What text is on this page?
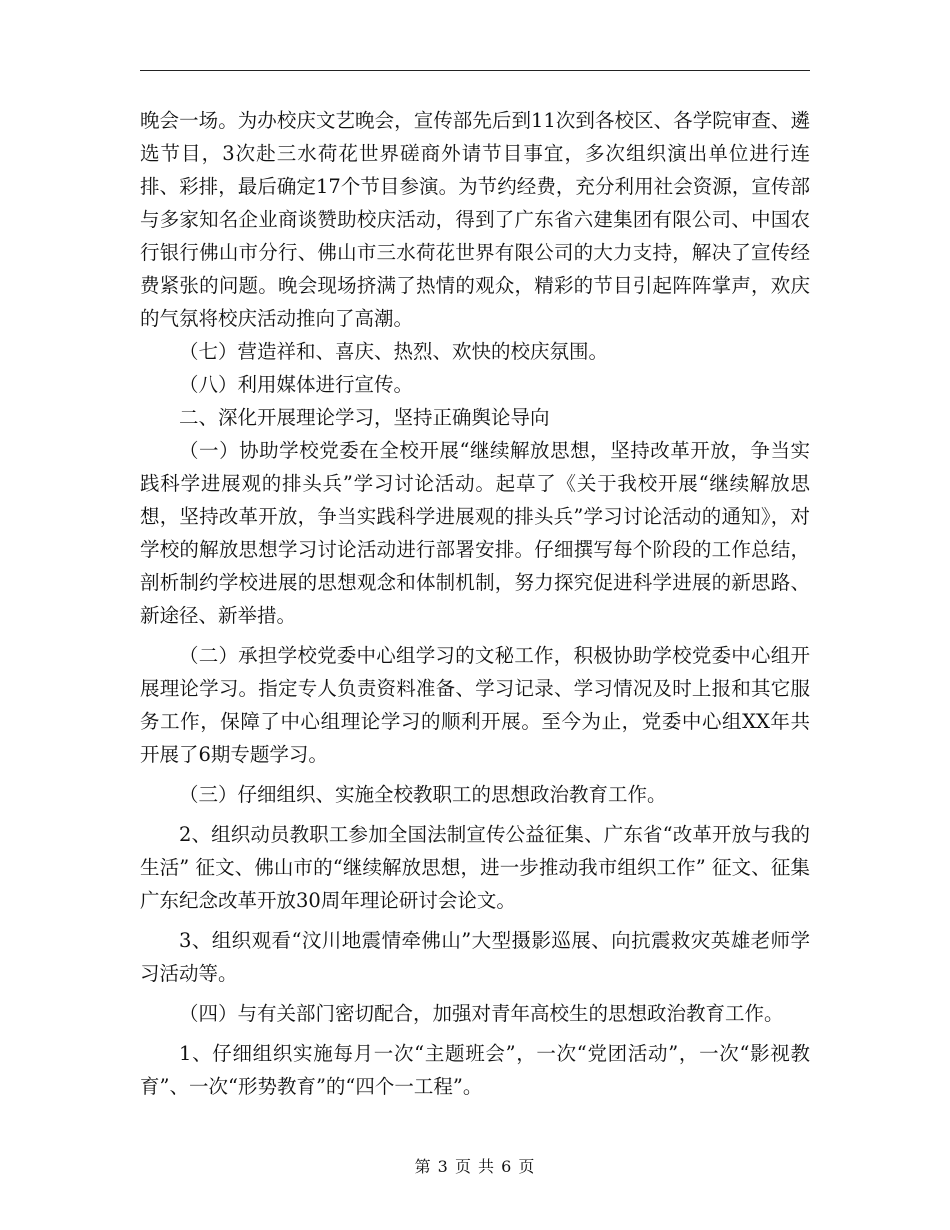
晚会一场。为办校庆文艺晚会，宣传部先后到11次到各校区、各学院审查、遴选节目，3次赴三水荷花世界磋商外请节目事宜，多次组织演出单位进行连排、彩排，最后确定17个节目参演。为节约经费，充分利用社会资源，宣传部与多家知名企业商谈赞助校庆活动，得到了广东省六建集团有限公司、中国农行银行佛山市分行、佛山市三水荷花世界有限公司的大力支持，解决了宣传经费紧张的问题。晚会现场挤满了热情的观众，精彩的节目引起阵阵掌声，欢庆的气氛将校庆活动推向了高潮。

（七）营造祥和、喜庆、热烈、欢快的校庆氛围。

（八）利用媒体进行宣传。

二、深化开展理论学习，坚持正确舆论导向

（一）协助学校党委在全校开展“继续解放思想，坚持改革开放，争当实践科学进展观的排头兵”学习讨论活动。起草了《关于我校开展“继续解放思想，坚持改革开放，争当实践科学进展观的排头兵”学习讨论活动的通知》，对学校的解放思想学习讨论活动进行部署安排。仔细撰写每个阶段的工作总结，剖析制约学校进展的思想观念和体制机制，努力探究促进科学进展的新思路、新途径、新举措。

（二）承担学校党委中心组学习的文秘工作，积极协助学校党委中心组开展理论学习。指定专人负责资料准备、学习记录、学习情况及时上报和其它服务工作，保障了中心组理论学习的顺利开展。至今为止，党委中心组XX年共开展了6期专题学习。

（三）仔细组织、实施全校教职工的思想政治教育工作。

2、组织动员教职工参加全国法制宣传公益征集、广东省“改革开放与我的生活” 征文、佛山市的“继续解放思想，进一步推动我市组织工作” 征文、征集广东纪念改革开放30周年理论研讨会论文。

3、组织观看“汶川地震情牵佛山”大型摄影巡展、向抗震救灾英雄老师学习活动等。

（四）与有关部门密切配合，加强对青年高校生的思想政治教育工作。

1、仔细组织实施每月一次“主题班会”，一次“党团活动”，一次“影视教育”、一次“形势教育”的“四个一工程”。

第 3 页 共 6 页
